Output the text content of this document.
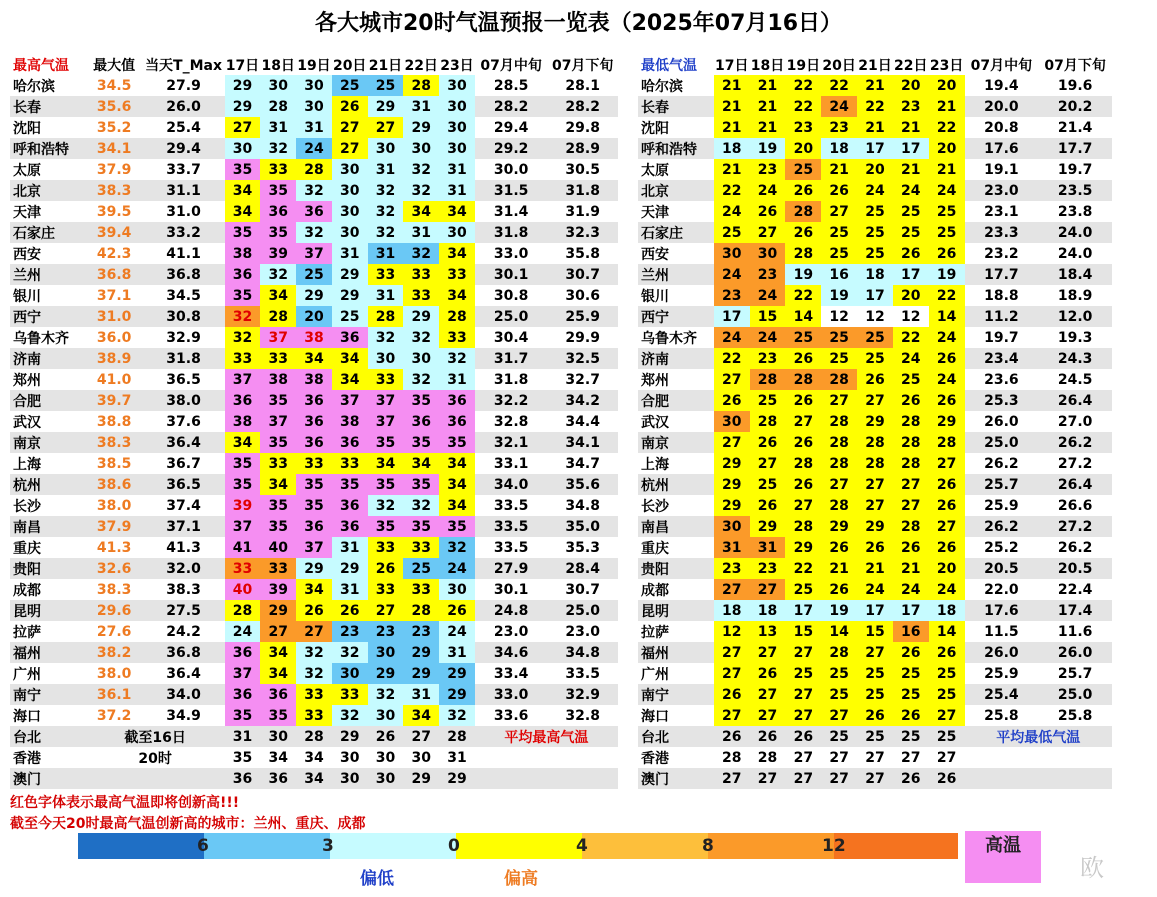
各大城市20时气温预报一览表（2025年07月16日）
最高气温	最大值	当天T_Max	17日	18日	19日	20日	21日	22日	23日	07月中旬	07月下旬
哈尔滨	34.5	27.9	29	30	30	25	25	28	30	28.5	28.1
长春	35.6	26.0	29	28	30	26	29	31	30	28.2	28.2
沈阳	35.2	25.4	27	31	31	27	27	29	30	29.4	29.8
呼和浩特	34.1	29.4	30	32	24	27	30	30	30	29.2	28.9
太原	37.9	33.7	35	33	28	30	31	32	31	30.0	30.5
北京	38.3	31.1	34	35	32	30	32	32	31	31.5	31.8
天津	39.5	31.0	34	36	36	30	32	34	34	31.4	31.9
石家庄	39.4	33.2	35	35	32	30	32	31	30	31.8	32.3
西安	42.3	41.1	38	39	37	31	31	32	34	33.0	35.8
兰州	36.8	36.8	36	32	25	29	33	33	33	30.1	30.7
银川	37.1	34.5	35	34	29	29	31	33	34	30.8	30.6
西宁	31.0	30.8	32	28	20	25	28	29	28	25.0	25.9
乌鲁木齐	36.0	32.9	32	37	38	36	32	32	33	30.4	29.9
济南	38.9	31.8	33	33	34	34	30	30	32	31.7	32.5
郑州	41.0	36.5	37	38	38	34	33	32	31	31.8	32.7
合肥	39.7	38.0	36	35	36	37	37	35	36	32.2	34.2
武汉	38.8	37.6	38	37	36	38	37	36	36	32.8	34.4
南京	38.3	36.4	34	35	36	36	35	35	35	32.1	34.1
上海	38.5	36.7	35	33	33	33	34	34	34	33.1	34.7
杭州	38.6	36.5	35	34	35	35	35	35	34	34.0	35.6
长沙	38.0	37.4	39	35	35	36	32	32	34	33.5	34.8
南昌	37.9	37.1	37	35	36	36	35	35	35	33.5	35.0
重庆	41.3	41.3	41	40	37	31	33	33	32	33.5	35.3
贵阳	32.6	32.0	33	33	29	29	26	25	24	27.9	28.4
成都	38.3	38.3	40	39	34	31	33	33	30	30.1	30.7
昆明	29.6	27.5	28	29	26	26	27	28	26	24.8	25.0
拉萨	27.6	24.2	24	27	27	23	23	23	24	23.0	23.0
福州	38.2	36.8	36	34	32	32	30	29	31	34.6	34.8
广州	38.0	36.4	37	34	32	30	29	29	29	33.4	33.5
南宁	36.1	34.0	36	36	33	33	32	31	29	33.0	32.9
海口	37.2	34.9	35	35	33	32	30	34	32	33.6	32.8
台北	截至16日		31	30	28	29	26	27	28	平均最高气温	
香港	20时		35	34	34	30	30	30	31		
澳门			36	36	34	30	30	29	29		
最低气温	17日	18日	19日	20日	21日	22日	23日	07月中旬	07月下旬
哈尔滨	21	21	22	22	21	20	20	19.4	19.6
长春	21	21	22	24	22	23	21	20.0	20.2
沈阳	21	21	23	23	21	21	22	20.8	21.4
呼和浩特	18	19	20	18	17	17	20	17.6	17.7
太原	21	23	25	21	20	21	21	19.1	19.7
北京	22	24	26	26	24	24	24	23.0	23.5
天津	24	26	28	27	25	25	25	23.1	23.8
石家庄	25	27	26	25	25	25	25	23.3	24.0
西安	30	30	28	25	25	26	26	23.2	24.0
兰州	24	23	19	16	18	17	19	17.7	18.4
银川	23	24	22	19	17	20	22	18.8	18.9
西宁	17	15	14	12	12	12	14	11.2	12.0
乌鲁木齐	24	24	25	25	25	22	24	19.7	19.3
济南	22	23	26	25	25	24	26	23.4	24.3
郑州	27	28	28	28	26	25	24	23.6	24.5
合肥	26	25	26	27	27	26	26	25.3	26.4
武汉	30	28	27	28	29	28	29	26.0	27.0
南京	27	26	26	28	28	28	28	25.0	26.2
上海	29	27	28	28	28	28	27	26.2	27.2
杭州	29	25	26	27	27	27	26	25.7	26.4
长沙	29	26	27	28	27	27	26	25.9	26.6
南昌	30	29	28	29	29	28	27	26.2	27.2
重庆	31	31	29	26	26	26	26	25.2	26.2
贵阳	23	23	22	21	21	21	20	20.5	20.5
成都	27	27	25	26	24	24	24	22.0	22.4
昆明	18	18	17	19	17	17	18	17.6	17.4
拉萨	12	13	15	14	15	16	14	11.5	11.6
福州	27	27	27	28	27	26	26	26.0	26.0
广州	27	26	25	25	25	25	25	25.9	25.7
南宁	26	27	27	25	25	25	25	25.4	25.0
海口	27	27	27	27	26	26	27	25.8	25.8
台北	26	26	26	25	25	25	25	平均最低气温	
香港	28	28	27	27	27	27	27		
澳门	27	27	27	27	27	26	26		
红色字体表示最高气温即将创新高!!!
截至今天20时最高气温创新高的城市：兰州、重庆、成都
6	3	0	4	8	12
偏低	偏高
高温
欧
